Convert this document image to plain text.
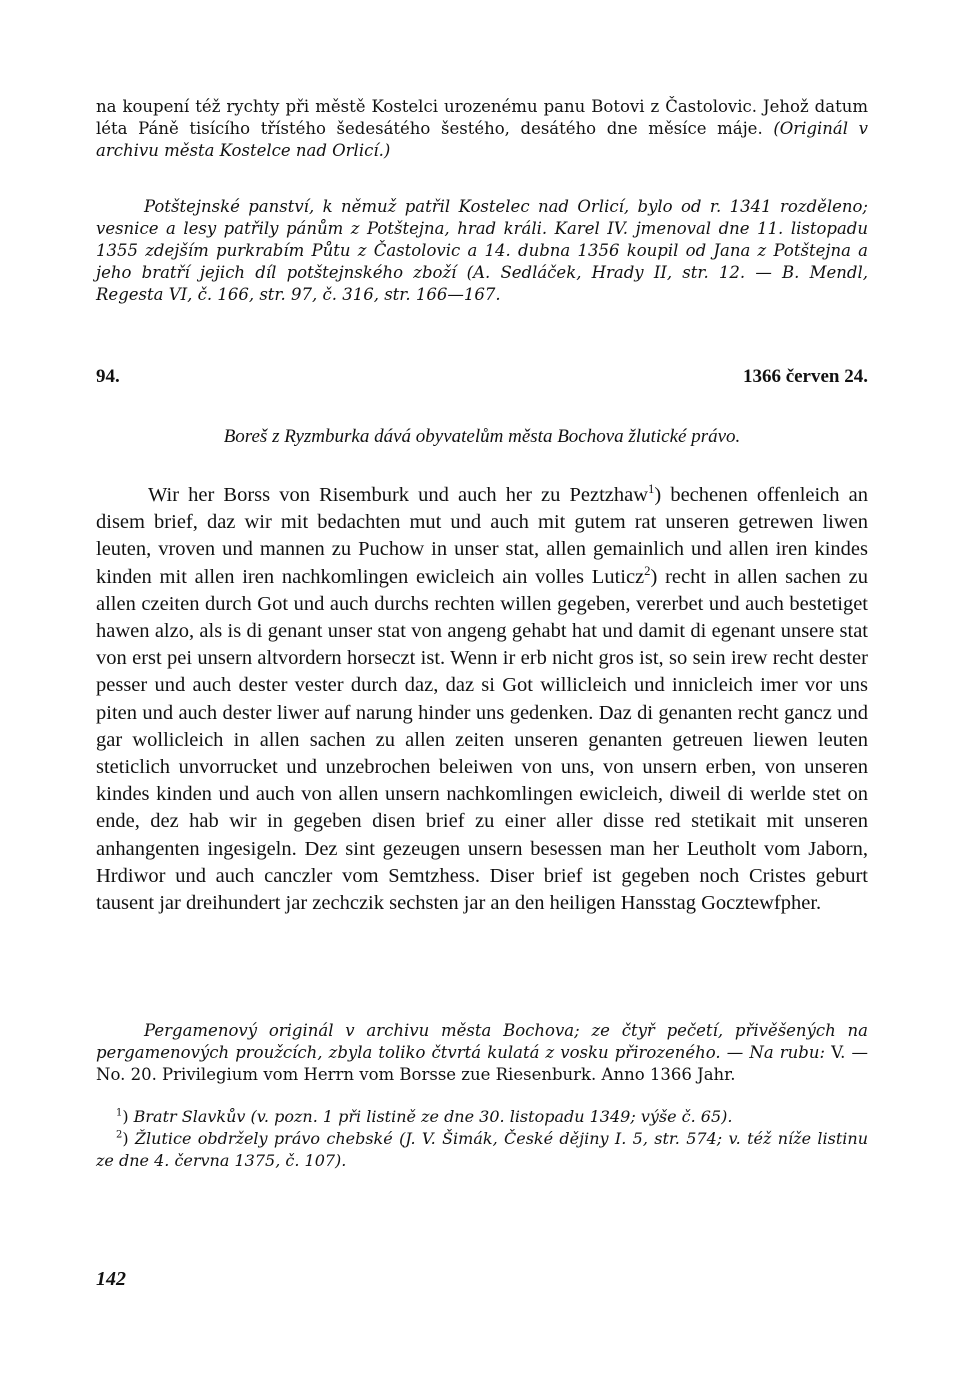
na koupení též rychty při městě Kostelci urozenému panu Botovi z Častolovic. Jehož datum léta Páně tisícího třístého šedesátého šestého, desátého dne měsíce máje. (Originál v archivu města Kostelce nad Orlicí.)

Potštejnské panství, k němuž patřil Kostelec nad Orlicí, bylo od r. 1341 rozděleno; vesnice a lesy patřily pánům z Potštejna, hrad králi. Karel IV. jmenoval dne 11. listopadu 1355 zdejším purkrabím Půtu z Častolovic a 14. dubna 1356 koupil od Jana z Potštejna a jeho bratří jejich díl potštejnského zboží (A. Sedláček, Hrady II, str. 12. — B. Mendl, Regesta VI, č. 166, str. 97, č. 316, str. 166—167.

94.	1366 červen 24.

Boreš z Ryzmburka dává obyvatelům města Bochova žlutické právo.

Wir her Borss von Risemburk und auch her zu Peztzhaw$^1$) bechenen offenleich an disem brief, daz wir mit bedachten mut und auch mit gutem rat unseren getrewen liwen leuten, vroven und mannen zu Puchow in unser stat, allen gemainlich und allen iren kindes kinden mit allen iren nachkomlingen ewicleich ain volles Luticz$^2$) recht in allen sachen zu allen czeiten durch Got und auch durchs rechten willen gegeben, vererbet und auch bestetiget hawen alzo, als is di genant unser stat von angeng gehabt hat und damit di egenant unsere stat von erst pei unsern altvordern horseczt ist. Wenn ir erb nicht gros ist, so sein irew recht dester pesser und auch dester vester durch daz, daz si Got willicleich und innicleich imer vor uns piten und auch dester liwer auf narung hinder uns gedenken. Daz di genanten recht gancz und gar wollicleich in allen sachen zu allen zeiten unseren genanten getreuen liewen leuten steticlich unvorrucket und unzebrochen beleiwen von uns, von unsern erben, von unseren kindes kinden und auch von allen unsern nachkomlingen ewicleich, diweil di werlde stet on ende, dez hab wir in gegeben disen brief zu einer aller disse red stetikait mit unseren anhangenten ingesigeln. Dez sint gezeugen unsern besessen man her Leutholt vom Jaborn, Hrdiwor und auch canczler vom Semtzhess. Diser brief ist gegeben noch Cristes geburt tausent jar dreihundert jar zechczik sechsten jar an den heiligen Hansstag Gocztewfpher.

Pergamenový originál v archivu města Bochova; ze čtyř pečetí, přivěšených na pergamenových proužcích, zbyla toliko čtvrtá kulatá z vosku přirozeného. — Na rubu: V. — No. 20. Privilegium vom Herrn vom Borsse zue Riesenburk. Anno 1366 Jahr.

$^1$) Bratr Slavkův (v. pozn. 1 při listině ze dne 30. listopadu 1349; výše č. 65).

$^2$) Žlutice obdržely právo chebské (J. V. Šimák, České dějiny I. 5, str. 574; v. též níže listinu ze dne 4. června 1375, č. 107).

142
